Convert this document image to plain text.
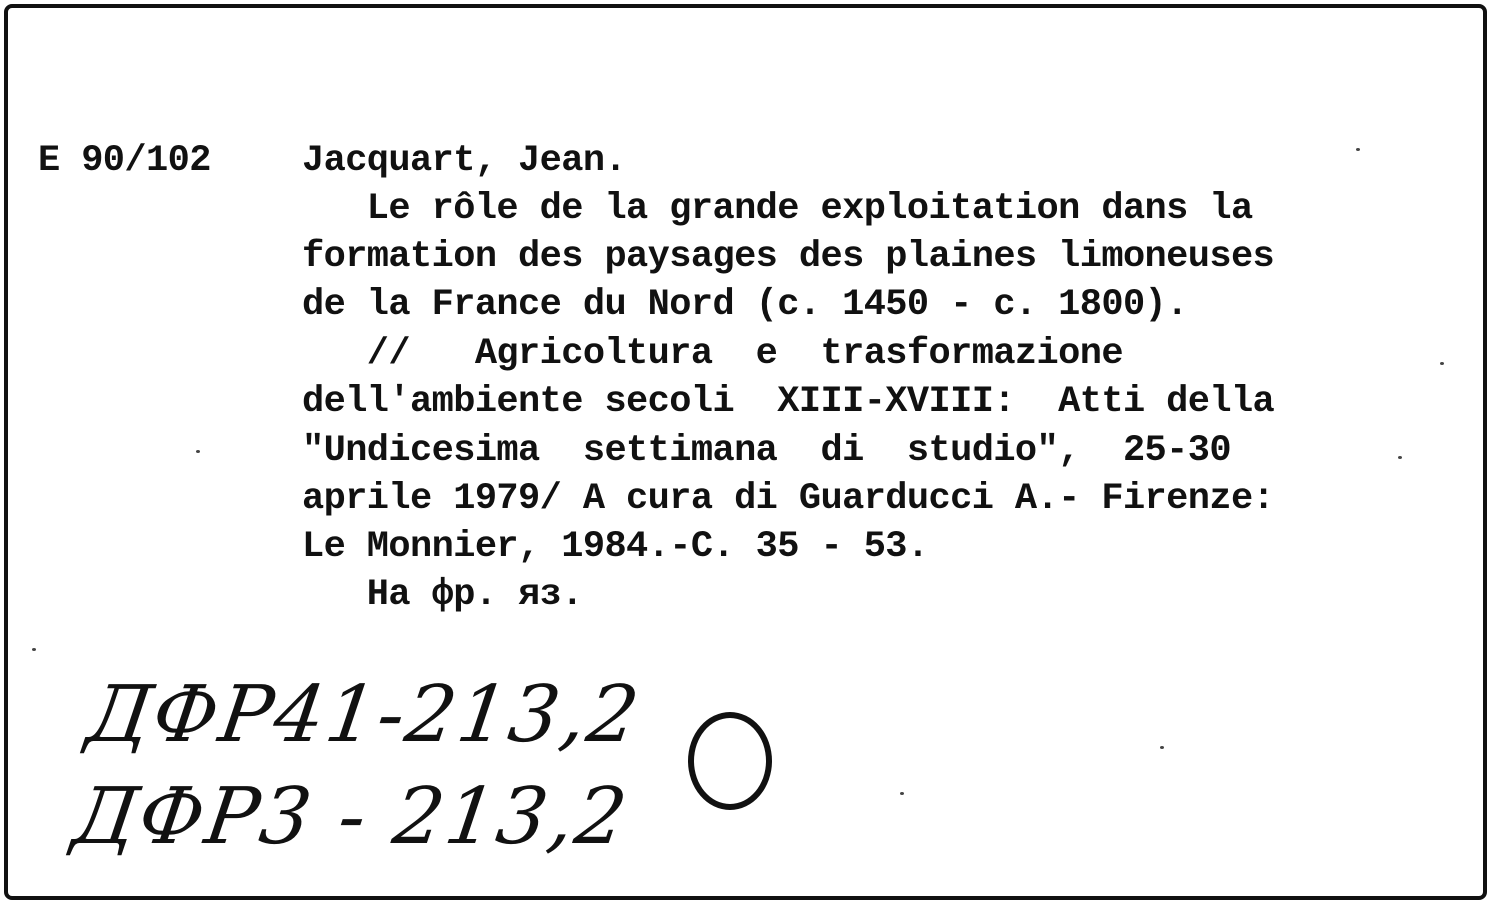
E 90/102 Jacquart, Jean.
Le rôle de la grande exploitation dans la
formation des paysages des plaines limoneuses
de la France du Nord (c. 1450 - c. 1800).
//   Agricoltura  e  trasformazione
dell'ambiente secoli  XIII-XVIII:  Atti della
"Undicesima  settimana  di  studio",  25-30
aprile 1979/ A cura di Guarducci A.- Firenze:
Le Monnier, 1984.-C. 35 - 53.
На фр. яз.
ДФР41-213,2
ДФР3 - 213,2
